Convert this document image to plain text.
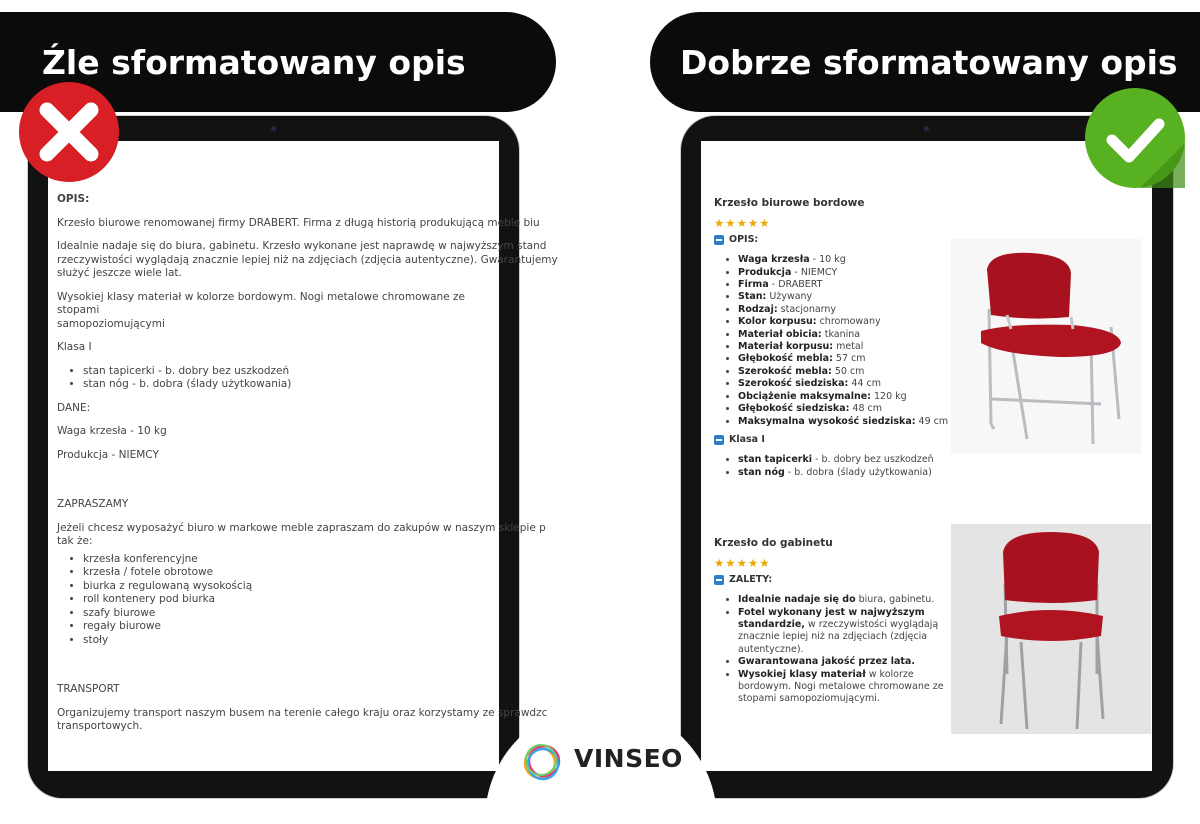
Źle sformatowany opis	Dobrze sformatowany opis

OPIS:

Krzesło biurowe renomowanej firmy DRABERT. Firma z długą historią produkującą meble biu

Idealnie nadaje się do biura, gabinetu. Krzesło wykonane jest naprawdę w najwyższym stand
rzeczywistości wyglądają znacznie lepiej niż na zdjęciach (zdjęcia autentyczne). Gwarantujemy
służyć jeszcze wiele lat.

Wysokiej klasy materiał w kolorze bordowym. Nogi metalowe chromowane ze stopami
samopoziomującymi

Klasa I

• stan tapicerki - b. dobry bez uszkodzeń
• stan nóg - b. dobra (ślady użytkowania)

DANE:

Waga krzesła - 10 kg

Produkcja - NIEMCY

ZAPRASZAMY

Jeżeli chcesz wyposażyć biuro w markowe meble zapraszam do zakupów w naszym sklepie p
tak że:

• krzesła konferencyjne
• krzesła / fotele obrotowe
• biurka z regulowaną wysokością
• roll kontenery pod biurka
• szafy biurowe
• regały biurowe
• stoły

TRANSPORT

Organizujemy transport naszym busem na terenie całego kraju oraz korzystamy ze sprawdzc
transportowych.

Krzesło biurowe bordowe
★★★★★
OPIS:
• Waga krzesła - 10 kg
• Produkcja - NIEMCY
• Firma - DRABERT
• Stan: Używany
• Rodzaj: stacjonarny
• Kolor korpusu: chromowany
• Materiał obicia: tkanina
• Materiał korpusu: metal
• Głębokość mebla: 57 cm
• Szerokość mebla: 50 cm
• Szerokość siedziska: 44 cm
• Obciążenie maksymalne: 120 kg
• Głębokość siedziska: 48 cm
• Maksymalna wysokość siedziska: 49 cm
Klasa I
• stan tapicerki - b. dobry bez uszkodzeń
• stan nóg - b. dobra (ślady użytkowania)
Krzesło do gabinetu
★★★★★
ZALETY:
• Idealnie nadaje się do biura, gabinetu.
• Fotel wykonany jest w najwyższym standardzie, w rzeczywistości wyglądają znacznie lepiej niż na zdjęciach (zdjęcia autentyczne).
• Gwarantowana jakość przez lata.
• Wysokiej klasy materiał w kolorze bordowym. Nogi metalowe chromowane ze stopami samopoziomującymi.
VINSEO
